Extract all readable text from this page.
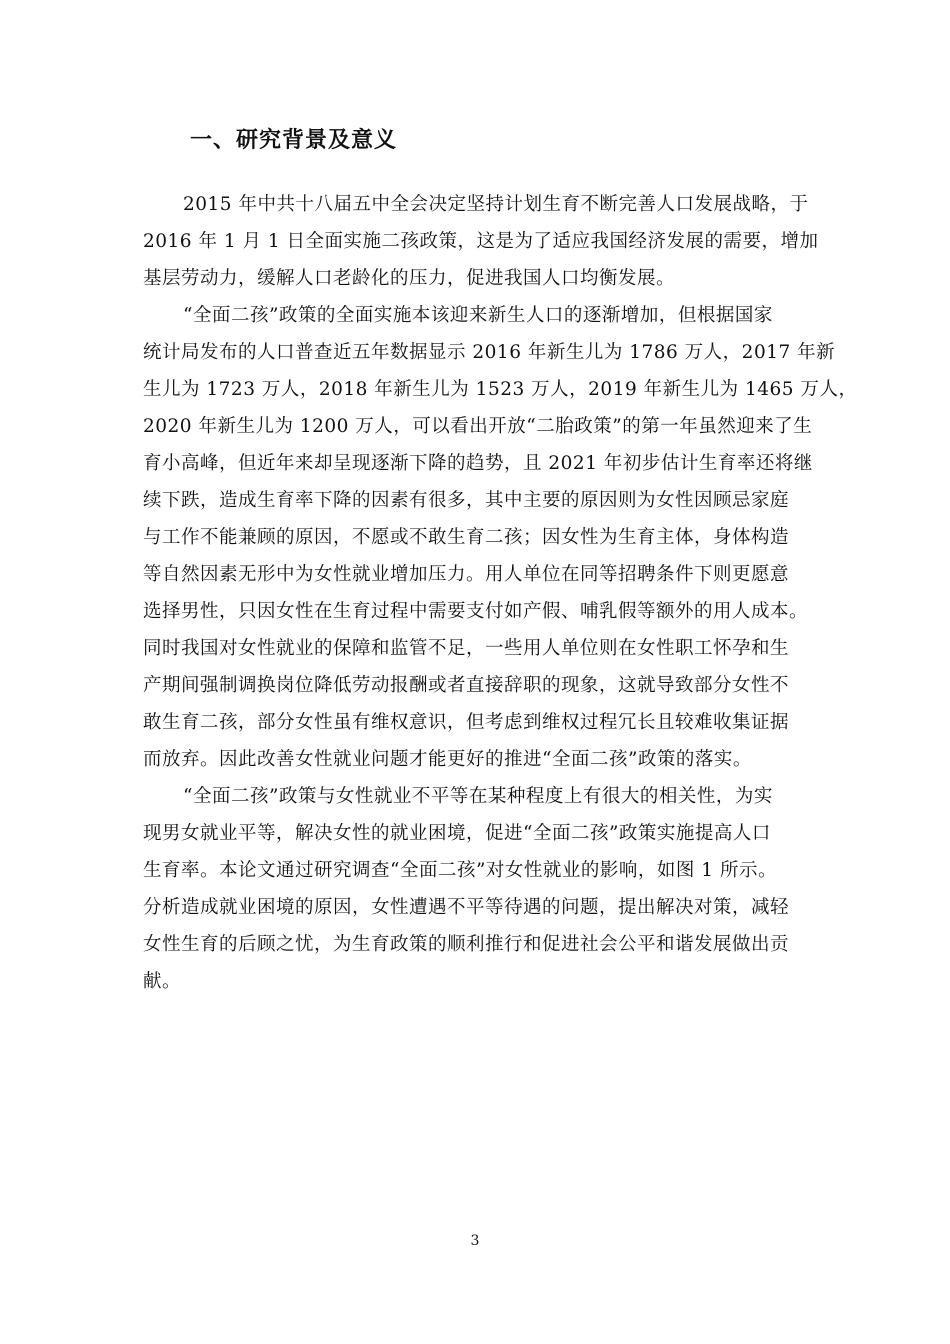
一、研究背景及意义
2015 年中共十八届五中全会决定坚持计划生育不断完善人口发展战略，于
2016 年 1 月 1 日全面实施二孩政策，这是为了适应我国经济发展的需要，增加
基层劳动力，缓解人口老龄化的压力，促进我国人口均衡发展。
“全面二孩”政策的全面实施本该迎来新生人口的逐渐增加，但根据国家
统计局发布的人口普查近五年数据显示 2016 年新生儿为 1786 万人，2017 年新
生儿为 1723 万人，2018 年新生儿为 1523 万人，2019 年新生儿为 1465 万人，
2020 年新生儿为 1200 万人，可以看出开放“二胎政策”的第一年虽然迎来了生
育小高峰，但近年来却呈现逐渐下降的趋势，且 2021 年初步估计生育率还将继
续下跌，造成生育率下降的因素有很多，其中主要的原因则为女性因顾忌家庭
与工作不能兼顾的原因，不愿或不敢生育二孩；因女性为生育主体，身体构造
等自然因素无形中为女性就业增加压力。用人单位在同等招聘条件下则更愿意
选择男性，只因女性在生育过程中需要支付如产假、哺乳假等额外的用人成本。
同时我国对女性就业的保障和监管不足，一些用人单位则在女性职工怀孕和生
产期间强制调换岗位降低劳动报酬或者直接辞职的现象，这就导致部分女性不
敢生育二孩，部分女性虽有维权意识，但考虑到维权过程冗长且较难收集证据
而放弃。因此改善女性就业问题才能更好的推进“全面二孩”政策的落实。
“全面二孩”政策与女性就业不平等在某种程度上有很大的相关性，为实
现男女就业平等，解决女性的就业困境，促进“全面二孩”政策实施提高人口
生育率。本论文通过研究调查“全面二孩”对女性就业的影响，如图 1 所示。
分析造成就业困境的原因，女性遭遇不平等待遇的问题，提出解决对策，减轻
女性生育的后顾之忧，为生育政策的顺利推行和促进社会公平和谐发展做出贡
献。
3
